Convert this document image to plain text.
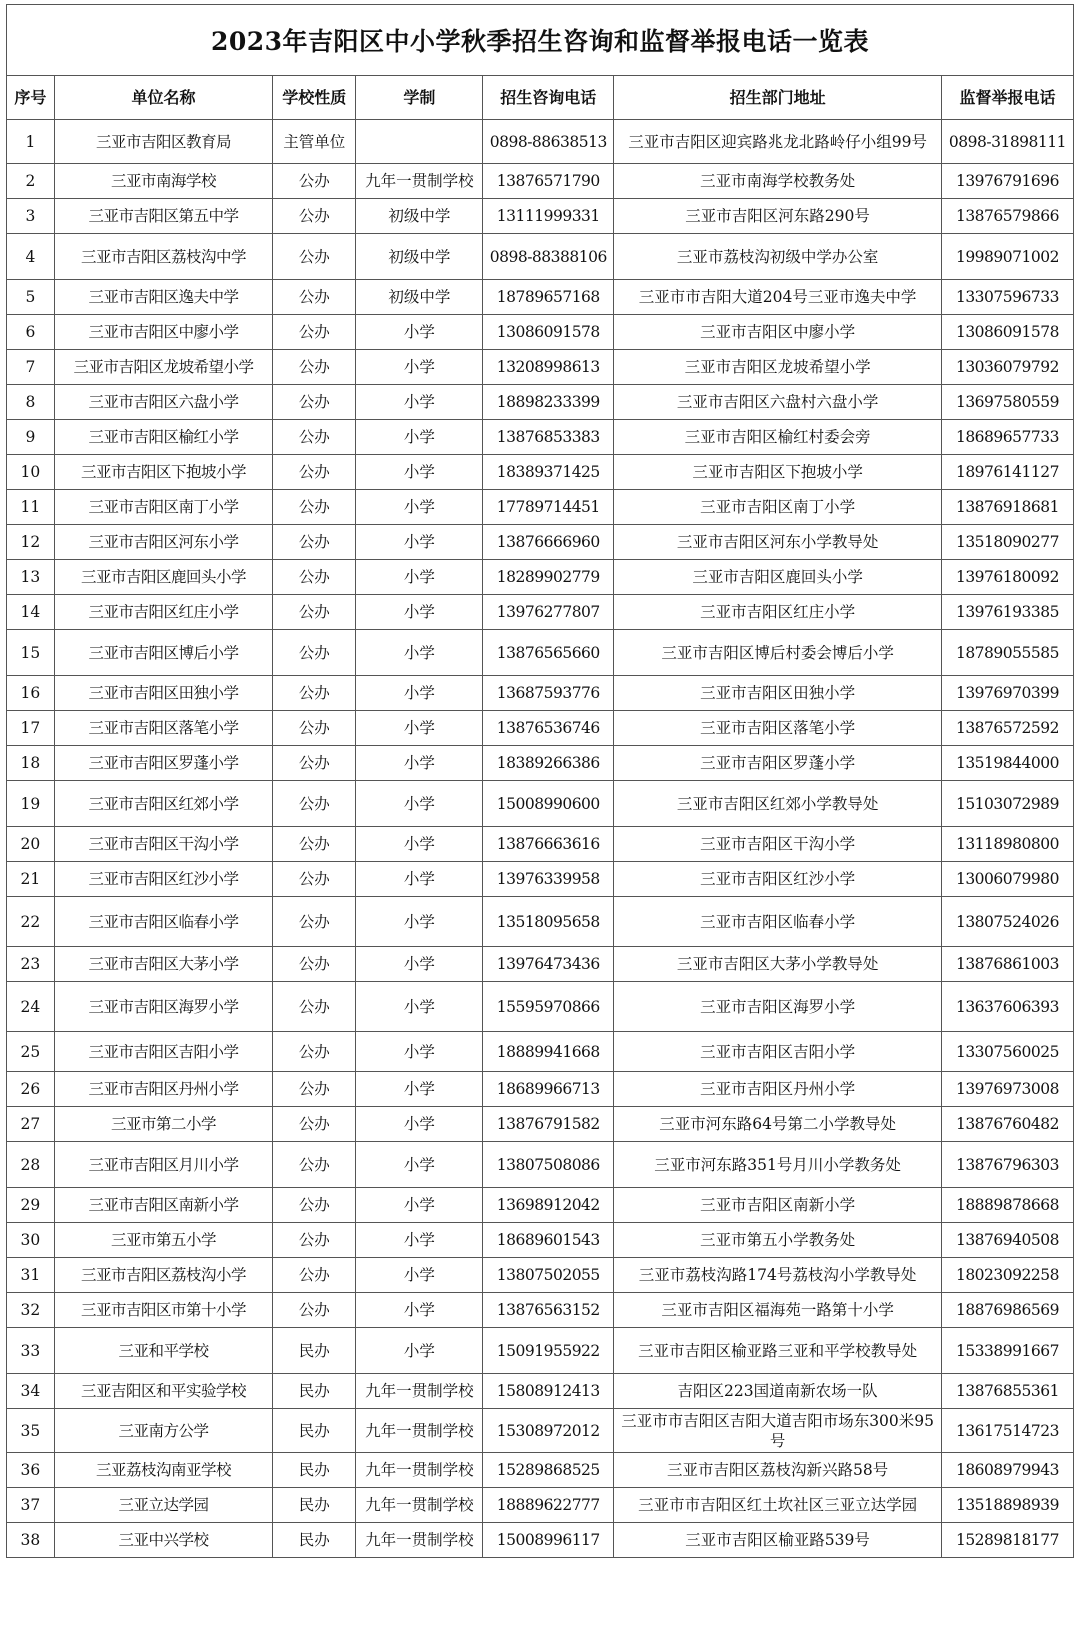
2023年吉阳区中小学秋季招生咨询和监督举报电话一览表
序号	单位名称	学校性质	学制	招生咨询电话	招生部门地址	监督举报电话
1	三亚市吉阳区教育局	主管单位		0898-88638513	三亚市吉阳区迎宾路兆龙北路岭仔小组99号	0898-31898111
2	三亚市南海学校	公办	九年一贯制学校	13876571790	三亚市南海学校教务处	13976791696
3	三亚市吉阳区第五中学	公办	初级中学	13111999331	三亚市吉阳区河东路290号	13876579866
4	三亚市吉阳区荔枝沟中学	公办	初级中学	0898-88388106	三亚市荔枝沟初级中学办公室	19989071002
5	三亚市吉阳区逸夫中学	公办	初级中学	18789657168	三亚市市吉阳大道204号三亚市逸夫中学	13307596733
6	三亚市吉阳区中廖小学	公办	小学	13086091578	三亚市吉阳区中廖小学	13086091578
7	三亚市吉阳区龙坡希望小学	公办	小学	13208998613	三亚市吉阳区龙坡希望小学	13036079792
8	三亚市吉阳区六盘小学	公办	小学	18898233399	三亚市吉阳区六盘村六盘小学	13697580559
9	三亚市吉阳区榆红小学	公办	小学	13876853383	三亚市吉阳区榆红村委会旁	18689657733
10	三亚市吉阳区下抱坡小学	公办	小学	18389371425	三亚市吉阳区下抱坡小学	18976141127
11	三亚市吉阳区南丁小学	公办	小学	17789714451	三亚市吉阳区南丁小学	13876918681
12	三亚市吉阳区河东小学	公办	小学	13876666960	三亚市吉阳区河东小学教导处	13518090277
13	三亚市吉阳区鹿回头小学	公办	小学	18289902779	三亚市吉阳区鹿回头小学	13976180092
14	三亚市吉阳区红庄小学	公办	小学	13976277807	三亚市吉阳区红庄小学	13976193385
15	三亚市吉阳区博后小学	公办	小学	13876565660	三亚市吉阳区博后村委会博后小学	18789055585
16	三亚市吉阳区田独小学	公办	小学	13687593776	三亚市吉阳区田独小学	13976970399
17	三亚市吉阳区落笔小学	公办	小学	13876536746	三亚市吉阳区落笔小学	13876572592
18	三亚市吉阳区罗蓬小学	公办	小学	18389266386	三亚市吉阳区罗蓬小学	13519844000
19	三亚市吉阳区红郊小学	公办	小学	15008990600	三亚市吉阳区红郊小学教导处	15103072989
20	三亚市吉阳区干沟小学	公办	小学	13876663616	三亚市吉阳区干沟小学	13118980800
21	三亚市吉阳区红沙小学	公办	小学	13976339958	三亚市吉阳区红沙小学	13006079980
22	三亚市吉阳区临春小学	公办	小学	13518095658	三亚市吉阳区临春小学	13807524026
23	三亚市吉阳区大茅小学	公办	小学	13976473436	三亚市吉阳区大茅小学教导处	13876861003
24	三亚市吉阳区海罗小学	公办	小学	15595970866	三亚市吉阳区海罗小学	13637606393
25	三亚市吉阳区吉阳小学	公办	小学	18889941668	三亚市吉阳区吉阳小学	13307560025
26	三亚市吉阳区丹州小学	公办	小学	18689966713	三亚市吉阳区丹州小学	13976973008
27	三亚市第二小学	公办	小学	13876791582	三亚市河东路64号第二小学教导处	13876760482
28	三亚市吉阳区月川小学	公办	小学	13807508086	三亚市河东路351号月川小学教务处	13876796303
29	三亚市吉阳区南新小学	公办	小学	13698912042	三亚市吉阳区南新小学	18889878668
30	三亚市第五小学	公办	小学	18689601543	三亚市第五小学教务处	13876940508
31	三亚市吉阳区荔枝沟小学	公办	小学	13807502055	三亚市荔枝沟路174号荔枝沟小学教导处	18023092258
32	三亚市吉阳区市第十小学	公办	小学	13876563152	三亚市吉阳区福海苑一路第十小学	18876986569
33	三亚和平学校	民办	小学	15091955922	三亚市吉阳区榆亚路三亚和平学校教导处	15338991667
34	三亚吉阳区和平实验学校	民办	九年一贯制学校	15808912413	吉阳区223国道南新农场一队	13876855361
35	三亚南方公学	民办	九年一贯制学校	15308972012	三亚市市吉阳区吉阳大道吉阳市场东300米95号	13617514723
36	三亚荔枝沟南亚学校	民办	九年一贯制学校	15289868525	三亚市吉阳区荔枝沟新兴路58号	18608979943
37	三亚立达学园	民办	九年一贯制学校	18889622777	三亚市市吉阳区红土坎社区三亚立达学园	13518898939
38	三亚中兴学校	民办	九年一贯制学校	15008996117	三亚市吉阳区榆亚路539号	15289818177
